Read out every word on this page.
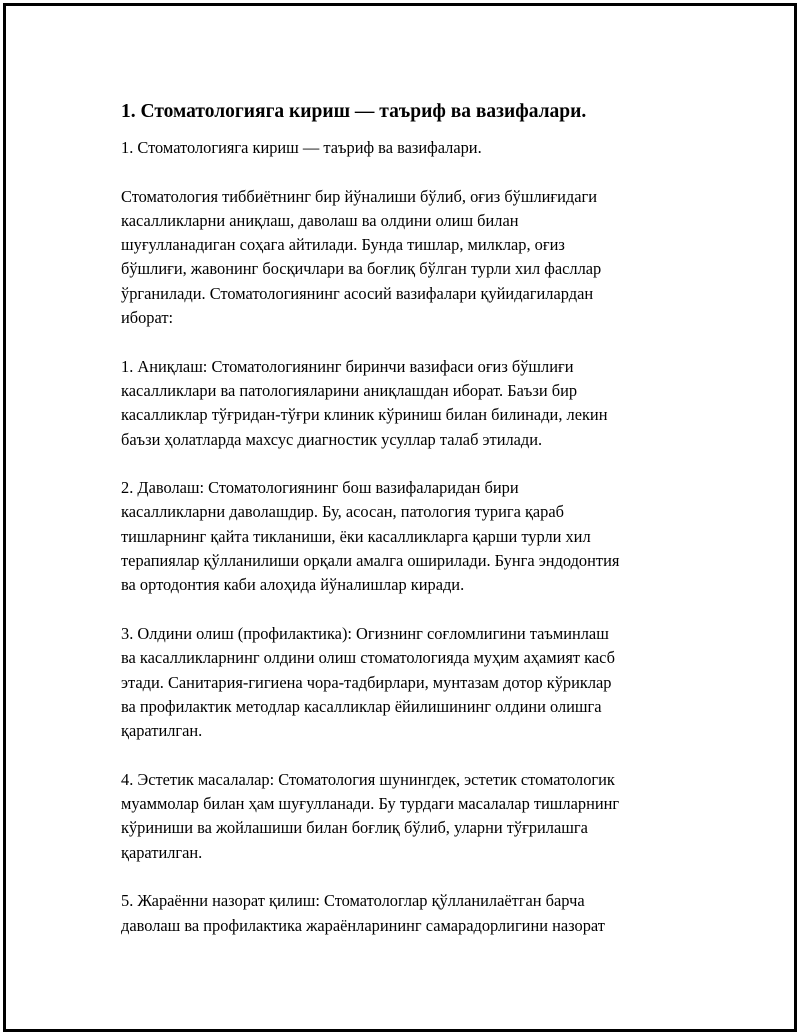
1. Стоматологияга кириш — таъриф ва вазифалари.

1. Стоматологияга кириш — таъриф ва вазифалари.

Стоматология тиббиётнинг бир йўналиши бўлиб, оғиз бўшлиғидаги
касалликларни аниқлаш, даволаш ва олдини олиш билан
шуғулланадиган соҳага айтилади. Бунда тишлар, милклар, оғиз
бўшлиғи, жавонинг босқичлари ва боғлиқ бўлган турли хил фасллар
ўрганилади. Стоматологиянинг асосий вазифалари қуйидагилардан
иборат:

1. Аниқлаш: Стоматологиянинг биринчи вазифаси оғиз бўшлиғи
касалликлари ва патологияларини аниқлашдан иборат. Баъзи бир
касалликлар тўғридан-тўғри клиник кўриниш билан билинади, лекин
баъзи ҳолатларда махсус диагностик усуллар талаб этилади.

2. Даволаш: Стоматологиянинг бош вазифаларидан бири
касалликларни даволашдир. Бу, асосан, патология турига қараб
тишларнинг қайта тикланиши, ёки касалликларга қарши турли хил
терапиялар қўлланилиши орқали амалга оширилади. Бунга эндодонтия
ва ортодонтия каби алоҳида йўналишлар киради.

3. Олдини олиш (профилактика): Огизнинг соғломлигини таъминлаш
ва касалликларнинг олдини олиш стоматологияда муҳим аҳамият касб
этади. Санитария-гигиена чора-тадбирлари, мунтазам дотор кўриклар
ва профилактик методлар касалликлар ёйилишининг олдини олишга
қаратилган.

4. Эстетик масалалар: Стоматология шунингдек, эстетик стоматологик
муаммолар билан ҳам шуғулланади. Бу турдаги масалалар тишларнинг
кўриниши ва жойлашиши билан боғлиқ бўлиб, уларни тўғрилашга
қаратилган.

5. Жараённи назорат қилиш: Стоматологлар қўлланилаётган барча
даволаш ва профилактика жараёнларининг самарадорлигини назорат
